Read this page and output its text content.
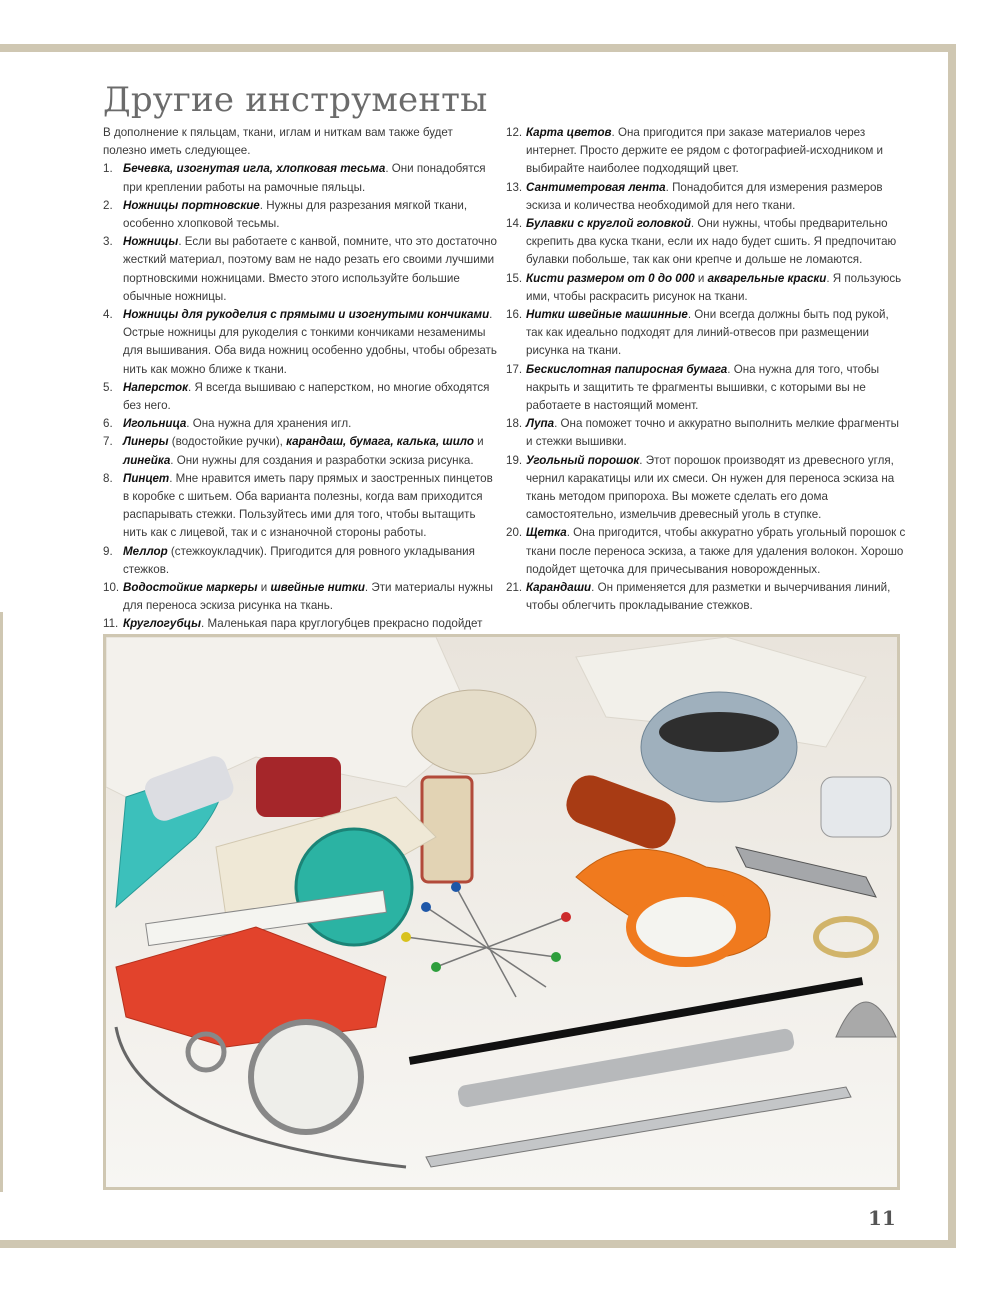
Другие инструменты
В дополнение к пяльцам, ткани, иглам и ниткам вам также будет полезно иметь следующее.
1. Бечевка, изогнутая игла, хлопковая тесьма. Они понадобятся при креплении работы на рамочные пяльцы.
2. Ножницы портновские. Нужны для разрезания мягкой ткани, особенно хлопковой тесьмы.
3. Ножницы. Если вы работаете с канвой, помните, что это достаточно жесткий материал, поэтому вам не надо резать его своими лучшими портновскими ножницами. Вместо этого используйте большие обычные ножницы.
4. Ножницы для рукоделия с прямыми и изогнутыми кончиками. Острые ножницы для рукоделия с тонкими кончиками незаменимы для вышивания. Оба вида ножниц особенно удобны, чтобы обрезать нить как можно ближе к ткани.
5. Наперсток. Я всегда вышиваю с наперстком, но многие обходятся без него.
6. Игольница. Она нужна для хранения игл.
7. Линеры (водостойкие ручки), карандаш, бумага, калька, шило и линейка. Они нужны для создания и разработки эскиза рисунка.
8. Пинцет. Мне нравится иметь пару прямых и заостренных пинцетов в коробке с шитьем. Оба варианта полезны, когда вам приходится распарывать стежки. Пользуйтесь ими для того, чтобы вытащить нить как с лицевой, так и с изнаночной стороны работы.
9. Меллор (стежкоукладчик). Пригодится для ровного укладывания стежков.
10. Водостойкие маркеры и швейные нитки. Эти материалы нужны для переноса эскиза рисунка на ткань.
11. Круглогубцы. Маленькая пара круглогубцев прекрасно подойдет
12. Карта цветов. Она пригодится при заказе материалов через интернет. Просто держите ее рядом с фотографией-исходником и выбирайте наиболее подходящий цвет.
13. Сантиметровая лента. Понадобится для измерения размеров эскиза и количества необходимой для него ткани.
14. Булавки с круглой головкой. Они нужны, чтобы предварительно скрепить два куска ткани, если их надо будет сшить. Я предпочитаю булавки побольше, так как они крепче и дольше не ломаются.
15. Кисти размером от 0 до 000 и акварельные краски. Я пользуюсь ими, чтобы раскрасить рисунок на ткани.
16. Нитки швейные машинные. Они всегда должны быть под рукой, так как идеально подходят для линий-отвесов при размещении рисунка на ткани.
17. Бескислотная папиросная бумага. Она нужна для того, чтобы накрыть и защитить те фрагменты вышивки, с которыми вы не работаете в настоящий момент.
18. Лупа. Она поможет точно и аккуратно выполнить мелкие фрагменты и стежки вышивки.
19. Угольный порошок. Этот порошок производят из древесного угля, чернил каракатицы или их смеси. Он нужен для переноса эскиза на ткань методом припороха. Вы можете сделать его дома самостоятельно, измельчив древесный уголь в ступке.
20. Щетка. Она пригодится, чтобы аккуратно убрать угольный порошок с ткани после переноса эскиза, а также для удаления волокон. Хорошо подойдет щеточка для причесывания новорожденных.
21. Карандаши. Он применяется для разметки и вычерчивания линий, чтобы облегчить прокладывание стежков.
11
